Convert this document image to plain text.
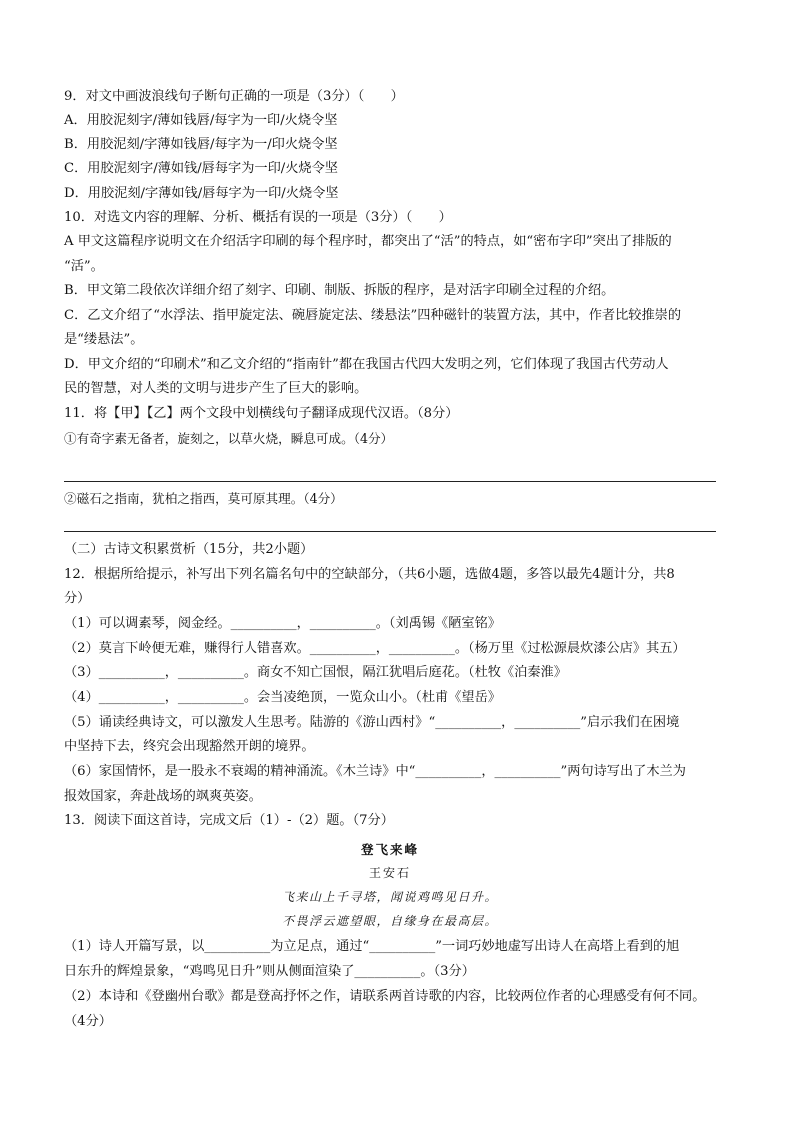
9．对文中画波浪线句子断句正确的一项是（3分）（　　）
A．用胶泥刻字/薄如钱唇/每字为一印/火烧令坚
B．用胶泥刻/字薄如钱唇/每字为一/印火烧令坚
C．用胶泥刻字/薄如钱/唇每字为一印/火烧令坚
D．用胶泥刻/字薄如钱/唇每字为一印/火烧令坚
10．对选文内容的理解、分析、概括有误的一项是（3分）（　　）
A 甲文这篇程序说明文在介绍活字印刷的每个程序时，都突出了“活”的特点，如“密布字印”突出了排版的
“活”。
B．甲文第二段依次详细介绍了刻字、印刷、制版、拆版的程序，是对活字印刷全过程的介绍。
C．乙文介绍了“水浮法、指甲旋定法、碗唇旋定法、缕悬法”四种磁针的装置方法，其中，作者比较推崇的
是“缕悬法”。
D．甲文介绍的“印刷术”和乙文介绍的“指南针”都在我国古代四大发明之列，它们体现了我国古代劳动人
民的智慧，对人类的文明与进步产生了巨大的影响。
11．将【甲】【乙】两个文段中划横线句子翻译成现代汉语。（8分）
①有奇字素无备者，旋刻之，以草火烧，瞬息可成。（4分）
②磁石之指南，犹柏之指西，莫可原其理。（4分）
（二）古诗文积累赏析（15分，共2小题）
12．根据所给提示，补写出下列名篇名句中的空缺部分，（共6小题，选做4题，多答以最先4题计分，共8
分）
（1）可以调素琴，阅金经。__________，__________。（刘禹锡《陋室铭》
（2）莫言下岭便无难，赚得行人错喜欢。__________，__________。（杨万里《过松源晨炊漆公店》其五）
（3）__________，__________。商女不知亡国恨，隔江犹唱后庭花。（杜牧《泊秦淮》
（4）__________，__________。会当凌绝顶，一览众山小。（杜甫《望岳》
（5）诵读经典诗文，可以激发人生思考。陆游的《游山西村》“__________，__________”启示我们在困境
中坚持下去，终究会出现豁然开朗的境界。
（6）家国情怀，是一股永不衰竭的精神涌流。《木兰诗》中“__________，__________”两句诗写出了木兰为
报效国家，奔赴战场的飒爽英姿。
13．阅读下面这首诗，完成文后（1）-（2）题。（7分）
登飞来峰
王安石
飞来山上千寻塔，闻说鸡鸣见日升。
不畏浮云遮望眼，自缘身在最高层。
（1）诗人开篇写景，以__________为立足点，通过“__________”一词巧妙地虚写出诗人在高塔上看到的旭
日东升的辉煌景象，“鸡鸣见日升”则从侧面渲染了__________。（3分）
（2）本诗和《登幽州台歌》都是登高抒怀之作，请联系两首诗歌的内容，比较两位作者的心理感受有何不同。
（4分）
